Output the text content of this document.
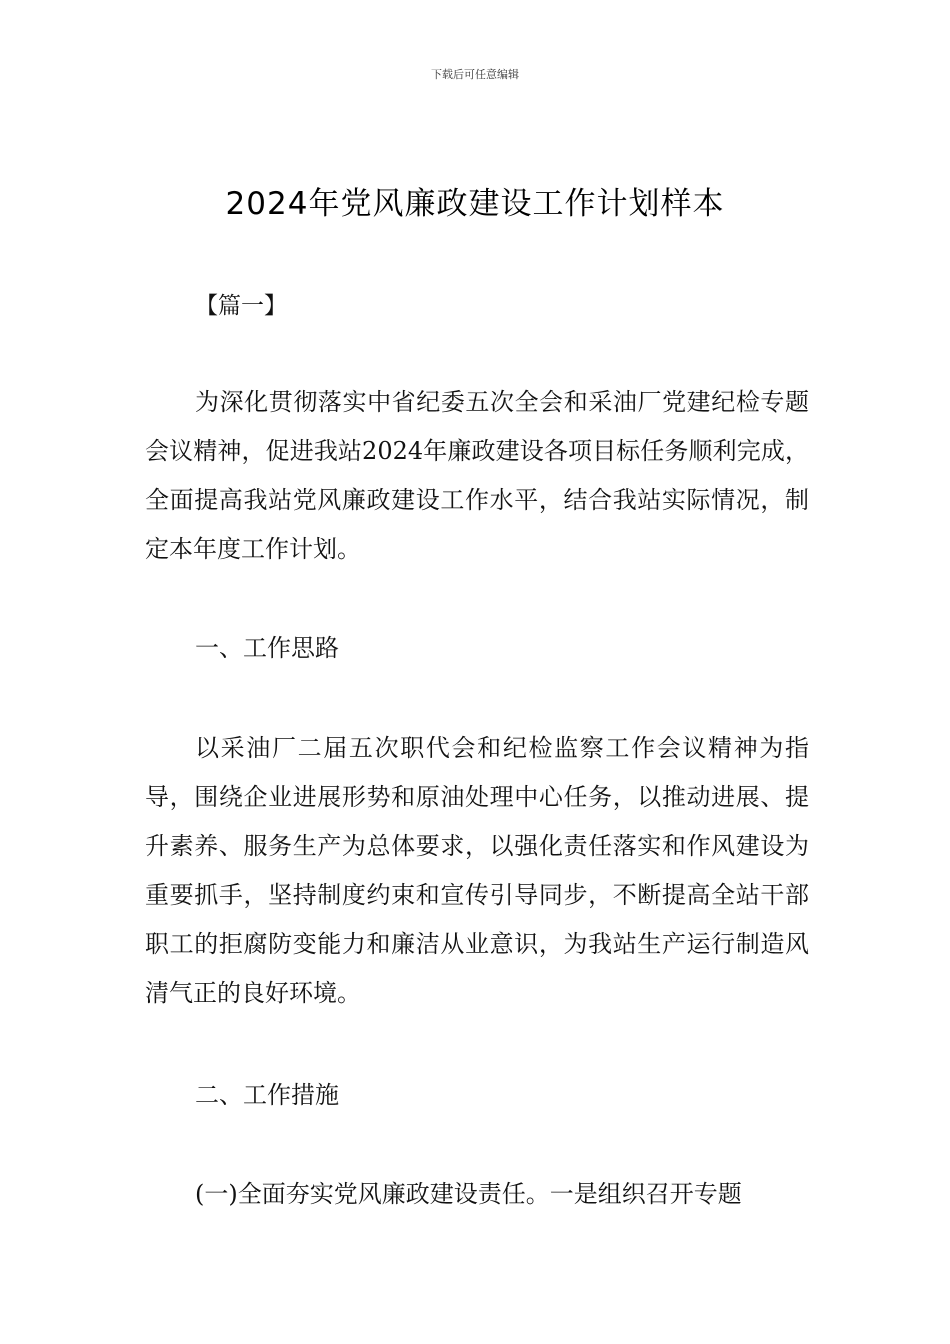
下载后可任意编辑
2024年党风廉政建设工作计划样本
【篇一】

为深化贯彻落实中省纪委五次全会和采油厂党建纪检专题会议精神，促进我站2024年廉政建设各项目标任务顺利完成，全面提高我站党风廉政建设工作水平，结合我站实际情况，制定本年度工作计划。

一、工作思路

以采油厂二届五次职代会和纪检监察工作会议精神为指导，围绕企业进展形势和原油处理中心任务，以推动进展、提升素养、服务生产为总体要求，以强化责任落实和作风建设为重要抓手，坚持制度约束和宣传引导同步，不断提高全站干部职工的拒腐防变能力和廉洁从业意识，为我站生产运行制造风清气正的良好环境。

二、工作措施

(一)全面夯实党风廉政建设责任。一是组织召开专题
